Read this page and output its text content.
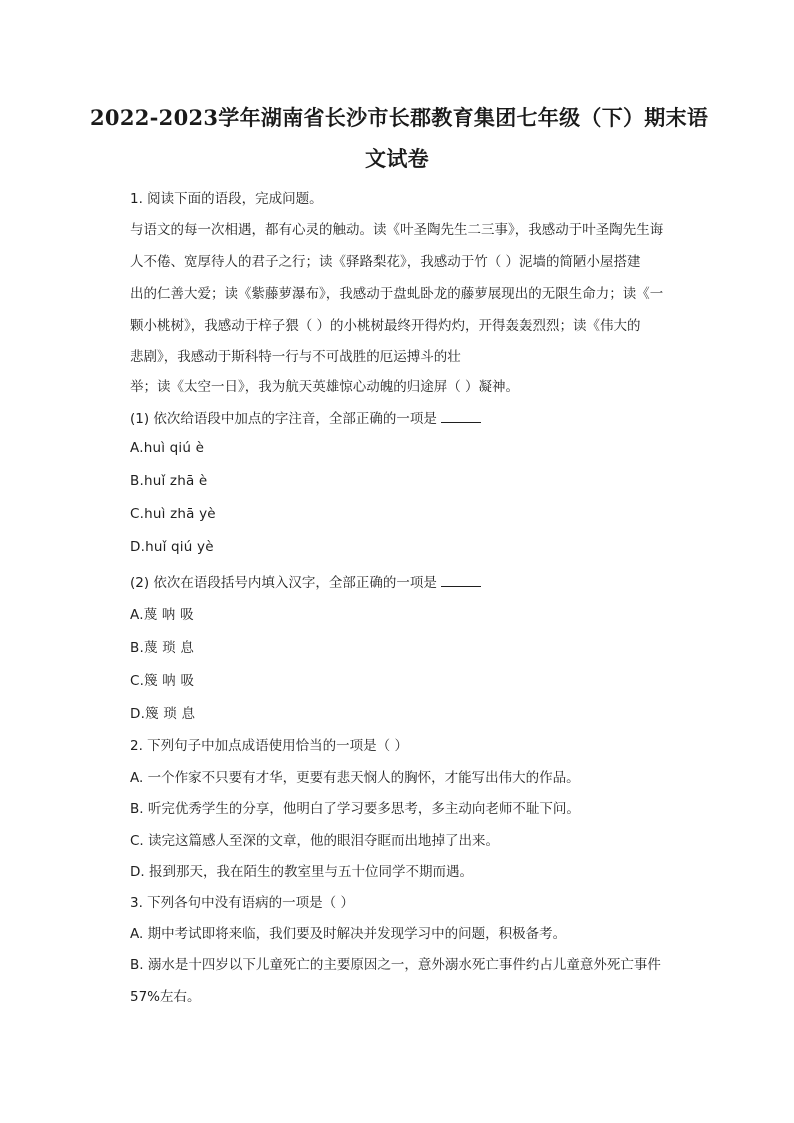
2022-2023学年湖南省长沙市长郡教育集团七年级（下）期末语
文试卷
1. 阅读下面的语段，完成问题。
与语文的每一次相遇，都有心灵的触动。读《叶圣陶先生二三事》，我感动于叶圣陶先生诲
人不倦、宽厚待人的君子之行；读《驿路梨花》，我感动于竹（ ）泥墙的简陋小屋搭建
出的仁善大爱；读《紫藤萝瀑布》，我感动于盘虬卧龙的藤萝展现出的无限生命力；读《一
颗小桃树》，我感动于梓子猥（ ）的小桃树最终开得灼灼，开得轰轰烈烈；读《伟大的
悲剧》，我感动于斯科特一行与不可战胜的厄运搏斗的壮
举；读《太空一日》，我为航天英雄惊心动魄的归途屏（ ）凝神。
(1) 依次给语段中加点的字注音，全部正确的一项是
A.huì qiú è
B.huǐ zhā è
C.huì zhā yè
D.huǐ qiú yè
(2) 依次在语段括号内填入汉字，全部正确的一项是
A.蔑 呐 吸
B.蔑 琐 息
C.篾 呐 吸
D.篾 琐 息
2. 下列句子中加点成语使用恰当的一项是（ ）
A. 一个作家不只要有才华，更要有悲天悯人的胸怀，才能写出伟大的作品。
B. 听完优秀学生的分享，他明白了学习要多思考，多主动向老师不耻下问。
C. 读完这篇感人至深的文章，他的眼泪夺眶而出地掉了出来。
D. 报到那天，我在陌生的教室里与五十位同学不期而遇。
3. 下列各句中没有语病的一项是（ ）
A. 期中考试即将来临，我们要及时解决并发现学习中的问题，积极备考。
B. 溺水是十四岁以下儿童死亡的主要原因之一，意外溺水死亡事件约占儿童意外死亡事件
57%左右。
